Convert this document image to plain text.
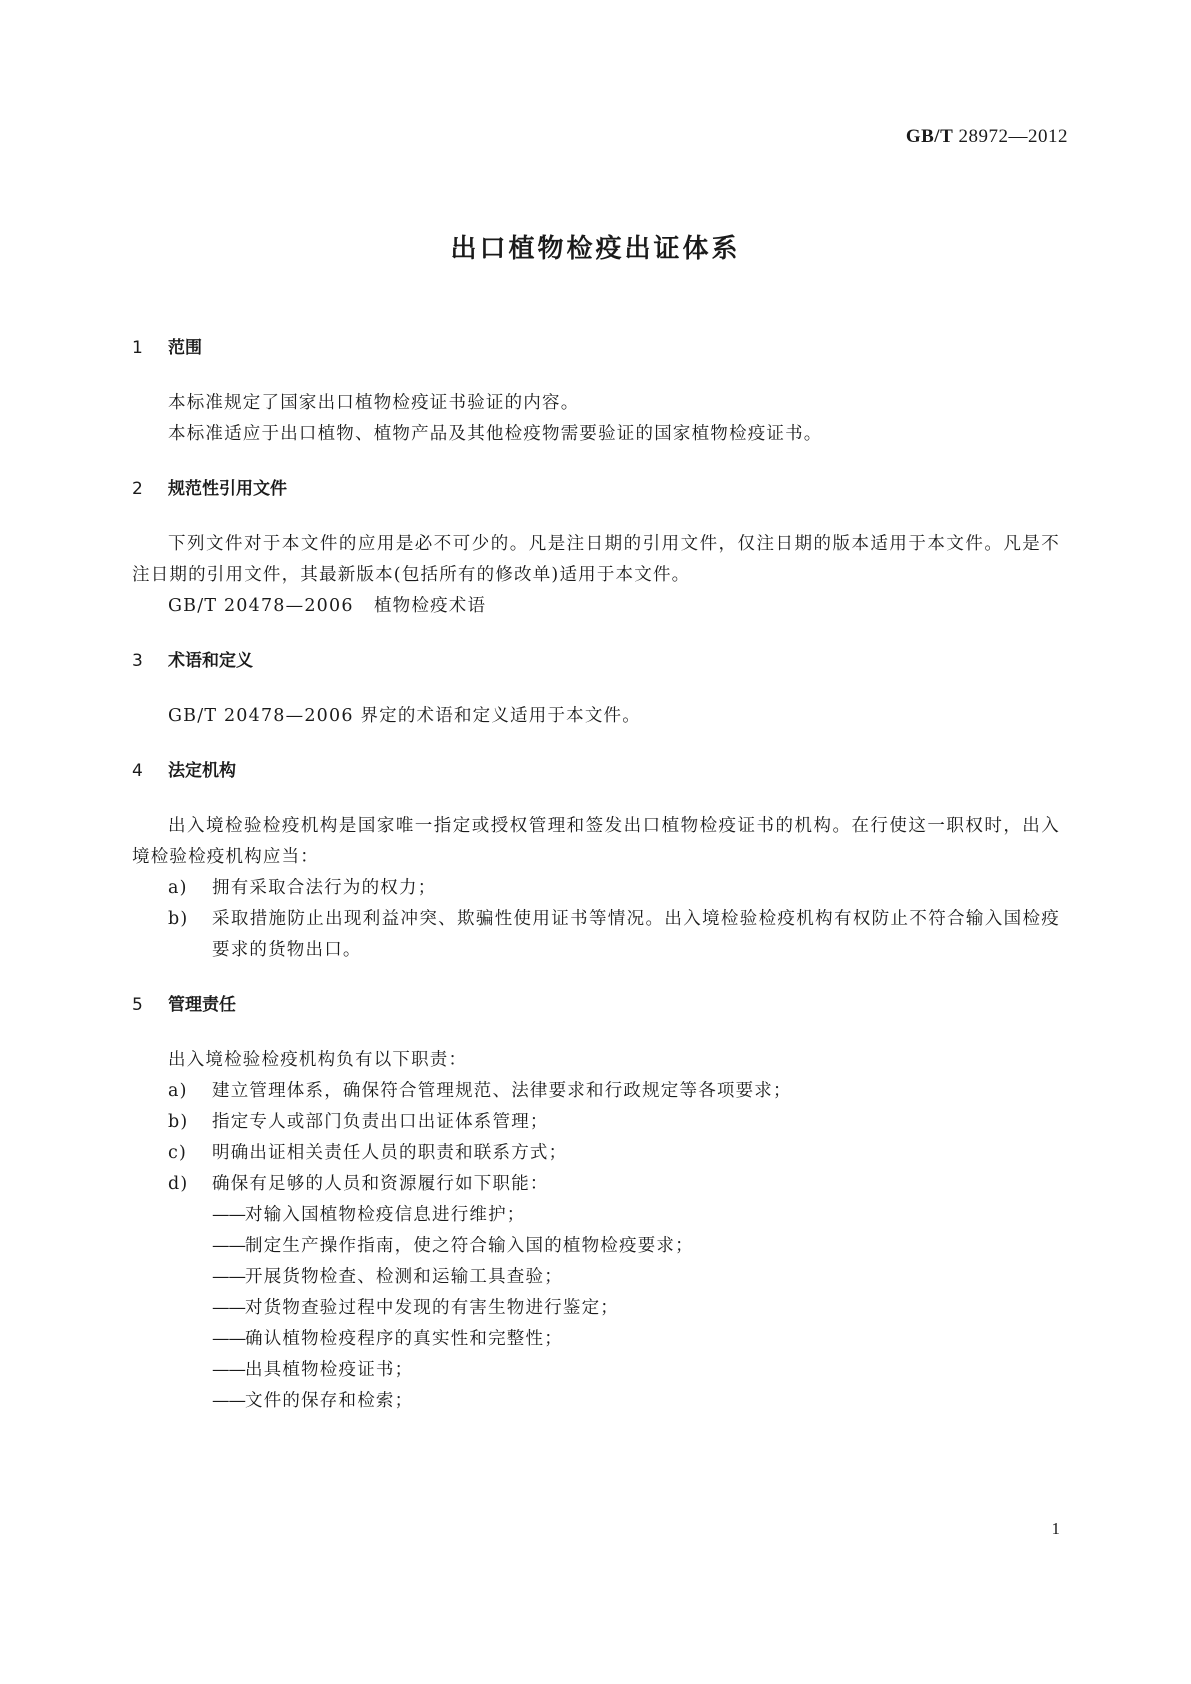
GB/T 28972—2012
出口植物检疫出证体系
1 范围

本标准规定了国家出口植物检疫证书验证的内容。

本标准适应于出口植物、植物产品及其他检疫物需要验证的国家植物检疫证书。

2 规范性引用文件

下列文件对于本文件的应用是必不可少的。凡是注日期的引用文件，仅注日期的版本适用于本文件。凡是不注日期的引用文件，其最新版本(包括所有的修改单)适用于本文件。

GB/T 20478—2006 植物检疫术语

3 术语和定义

GB/T 20478—2006 界定的术语和定义适用于本文件。

4 法定机构

出入境检验检疫机构是国家唯一指定或授权管理和签发出口植物检疫证书的机构。在行使这一职权时，出入境检验检疫机构应当：

a) 拥有采取合法行为的权力；
b) 采取措施防止出现利益冲突、欺骗性使用证书等情况。出入境检验检疫机构有权防止不符合输入国检疫要求的货物出口。
5 管理责任

出入境检验检疫机构负有以下职责：

a) 建立管理体系，确保符合管理规范、法律要求和行政规定等各项要求；
b) 指定专人或部门负责出口出证体系管理；
c) 明确出证相关责任人员的职责和联系方式；
d) 确保有足够的人员和资源履行如下职能：
——对输入国植物检疫信息进行维护；
——制定生产操作指南，使之符合输入国的植物检疫要求；
——开展货物检查、检测和运输工具查验；
——对货物查验过程中发现的有害生物进行鉴定；
——确认植物检疫程序的真实性和完整性；
——出具植物检疫证书；
——文件的保存和检索；
1
